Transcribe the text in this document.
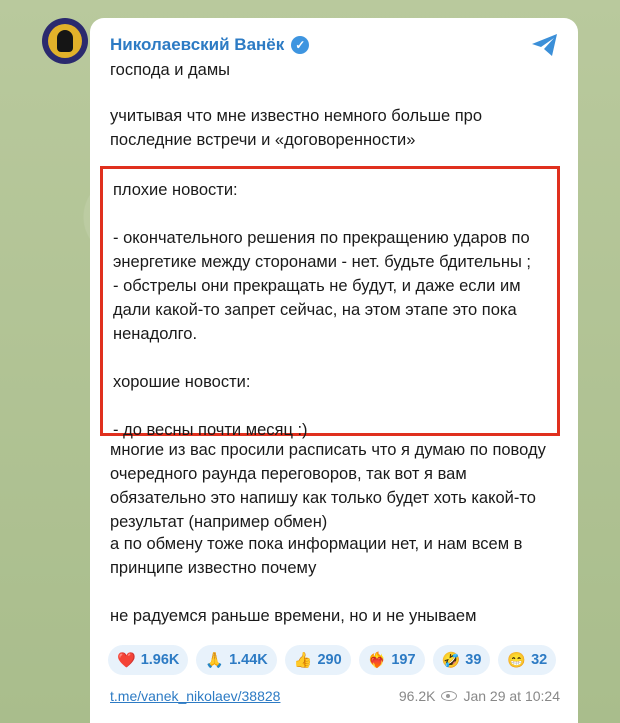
Николаевский Ванёк ✓
господа и дамы
учитывая что мне известно немного больше про последние встречи и «договоренности»
плохие новости:

- окончательного решения по прекращению ударов по энергетике между сторонами - нет. будьте бдительны ;
- обстрелы они прекращать не будут, и даже если им дали какой-то запрет сейчас, на этом этапе это пока ненадолго.

хорошие новости:

- до весны почти месяц :)
многие из вас просили расписать что я думаю по поводу очередного раунда переговоров, так вот я вам обязательно это напишу как только будет хоть какой-то результат (например обмен)
а по обмену тоже пока информации нет, и нам всем в принципе известно почему
не радуемся раньше времени, но и не унываем
❤️ 1.96K 🙏 1.44K 👍 290 ❤️‍🔥 197 🤣 39 😁 32
t.me/vanek_nikolaev/38828	96.2K Jan 29 at 10:24
